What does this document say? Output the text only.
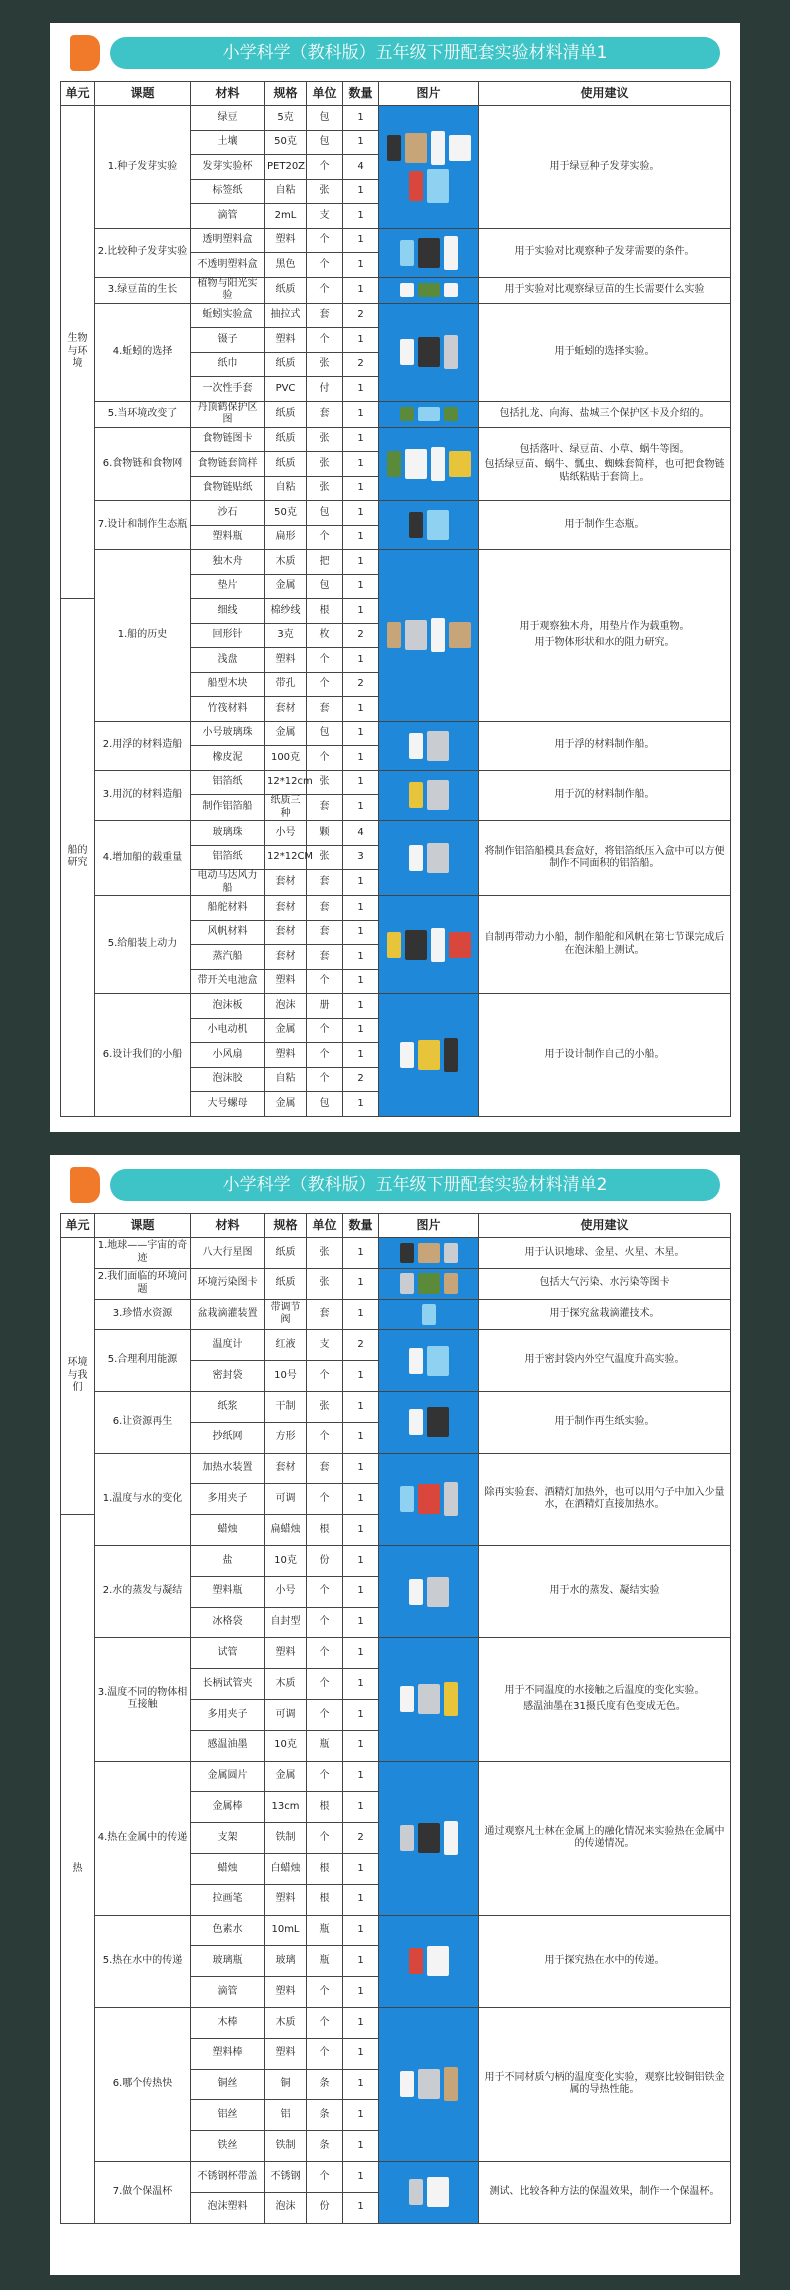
小学科学（教科版）五年级下册配套实验材料清单1
单元	课题	材料	规格	单位	数量	图片	使用建议
生物与环境	1.种子发芽实验	绿豆	5克	包	1		用于绿豆种子发芽实验。

		土壤	50克	包	1		
		发芽实验杯	PET20Z	个	4		
		标签纸	自粘	张	1		
		滴管	2mL	支	1		
	2.比较种子发芽实验	透明塑料盒	塑料	个	1		用于实验对比观察种子发芽需要的条件。

		不透明塑料盒	黑色	个	1		
	3.绿豆苗的生长	植物与阳光实验	纸质	个	1		用于实验对比观察绿豆苗的生长需要什么实验

	4.蚯蚓的选择	蚯蚓实验盒	抽拉式	套	2		用于蚯蚓的选择实验。

		镊子	塑料	个	1		
		纸巾	纸质	张	2		
		一次性手套	PVC	付	1		
	5.当环境改变了	丹顶鹤保护区图	纸质	套	1		包括扎龙、向海、盐城三个保护区卡及介绍的。

	6.食物链和食物网	食物链图卡	纸质	张	1		包括落叶、绿豆苗、小草、蜗牛等图。
包括绿豆苗、蜗牛、瓢虫、蜘蛛套简样，也可把食物链贴纸粘贴于套筒上。

		食物链套筒样	纸质	张	1		
		食物链贴纸	自粘	张	1		
	7.设计和制作生态瓶	沙石	50克	包	1		用于制作生态瓶。

		塑料瓶	扁形	个	1		
	1.船的历史	独木舟	木质	把	1		用于观察独木舟，用垫片作为载重物。
用于物体形状和水的阻力研究。

		垫片	金属	包	1		
船的研究		细线	棉纱线	根	1		
		回形针	3克	枚	2		
		浅盘	塑料	个	1		
		船型木块	带孔	个	2		
		竹筏材料	套材	套	1		
	2.用浮的材料造船	小号玻璃珠	金属	包	1		用于浮的材料制作船。

		橡皮泥	100克	个	1		
	3.用沉的材料造船	铝箔纸	12*12cm	张	1		用于沉的材料制作船。

		制作铝箔船	纸质三种	套	1		
	4.增加船的载重量	玻璃珠	小号	颗	4		将制作铝箔船模具套盒好，将铝箔纸压入盒中可以方便制作不同面积的铝箔船。

		铝箔纸	12*12CM	张	3		
		电动马达风力船	套材	套	1		
	5.给船装上动力	船舵材料	套材	套	1		自制再带动力小船，制作船舵和风帆在第七节课完成后在泡沫船上测试。

		风帆材料	套材	套	1		
		蒸汽船	套材	套	1		
		带开关电池盒	塑料	个	1		
	6.设计我们的小船	泡沫板	泡沫	册	1		用于设计制作自己的小船。

		小电动机	金属	个	1		
		小风扇	塑料	个	1		
		泡沫胶	自粘	个	2		
		大号螺母	金属	包	1		
小学科学（教科版）五年级下册配套实验材料清单2
单元	课题	材料	规格	单位	数量	图片	使用建议
环境与我们	1.地球——宇宙的奇迹	八大行星图	纸质	张	1		用于认识地球、金星、火星、木星。

	2.我们面临的环境问题	环境污染图卡	纸质	张	1		包括大气污染、水污染等图卡

	3.珍惜水资源	盆栽滴灌装置	带调节阀	套	1		用于探究盆栽滴灌技术。

	5.合理利用能源	温度计	红液	支	2		用于密封袋内外空气温度升高实验。

		密封袋	10号	个	1		
	6.让资源再生	纸浆	干制	张	1		用于制作再生纸实验。

		抄纸网	方形	个	1		
	1.温度与水的变化	加热水装置	套材	套	1		除再实验套、酒精灯加热外，也可以用勺子中加入少量水，在酒精灯直接加热水。

		多用夹子	可调	个	1		
热		蜡烛	扁蜡烛	根	1		
	2.水的蒸发与凝结	盐	10克	份	1		用于水的蒸发、凝结实验

		塑料瓶	小号	个	1		
		冰格袋	自封型	个	1		
	3.温度不同的物体相互接触	试管	塑料	个	1		用于不同温度的水接触之后温度的变化实验。
感温油墨在31摄氏度有色变成无色。

		长柄试管夹	木质	个	1		
		多用夹子	可调	个	1		
		感温油墨	10克	瓶	1		
	4.热在金属中的传递	金属圆片	金属	个	1		通过观察凡士林在金属上的融化情况来实验热在金属中的传递情况。

		金属棒	13cm	根	1		
		支架	铁制	个	2		
		蜡烛	白蜡烛	根	1		
		拉画笔	塑料	根	1		
	5.热在水中的传递	色素水	10mL	瓶	1		用于探究热在水中的传递。

		玻璃瓶	玻璃	瓶	1		
		滴管	塑料	个	1		
	6.哪个传热快	木棒	木质	个	1		用于不同材质勺柄的温度变化实验，观察比较铜铝铁金属的导热性能。

		塑料棒	塑料	个	1		
		铜丝	铜	条	1		
		铝丝	铝	条	1		
		铁丝	铁制	条	1		
	7.做个保温杯	不锈钢杯带盖	不锈钢	个	1		测试、比较各种方法的保温效果，制作一个保温杯。

		泡沫塑料	泡沫	份	1		
